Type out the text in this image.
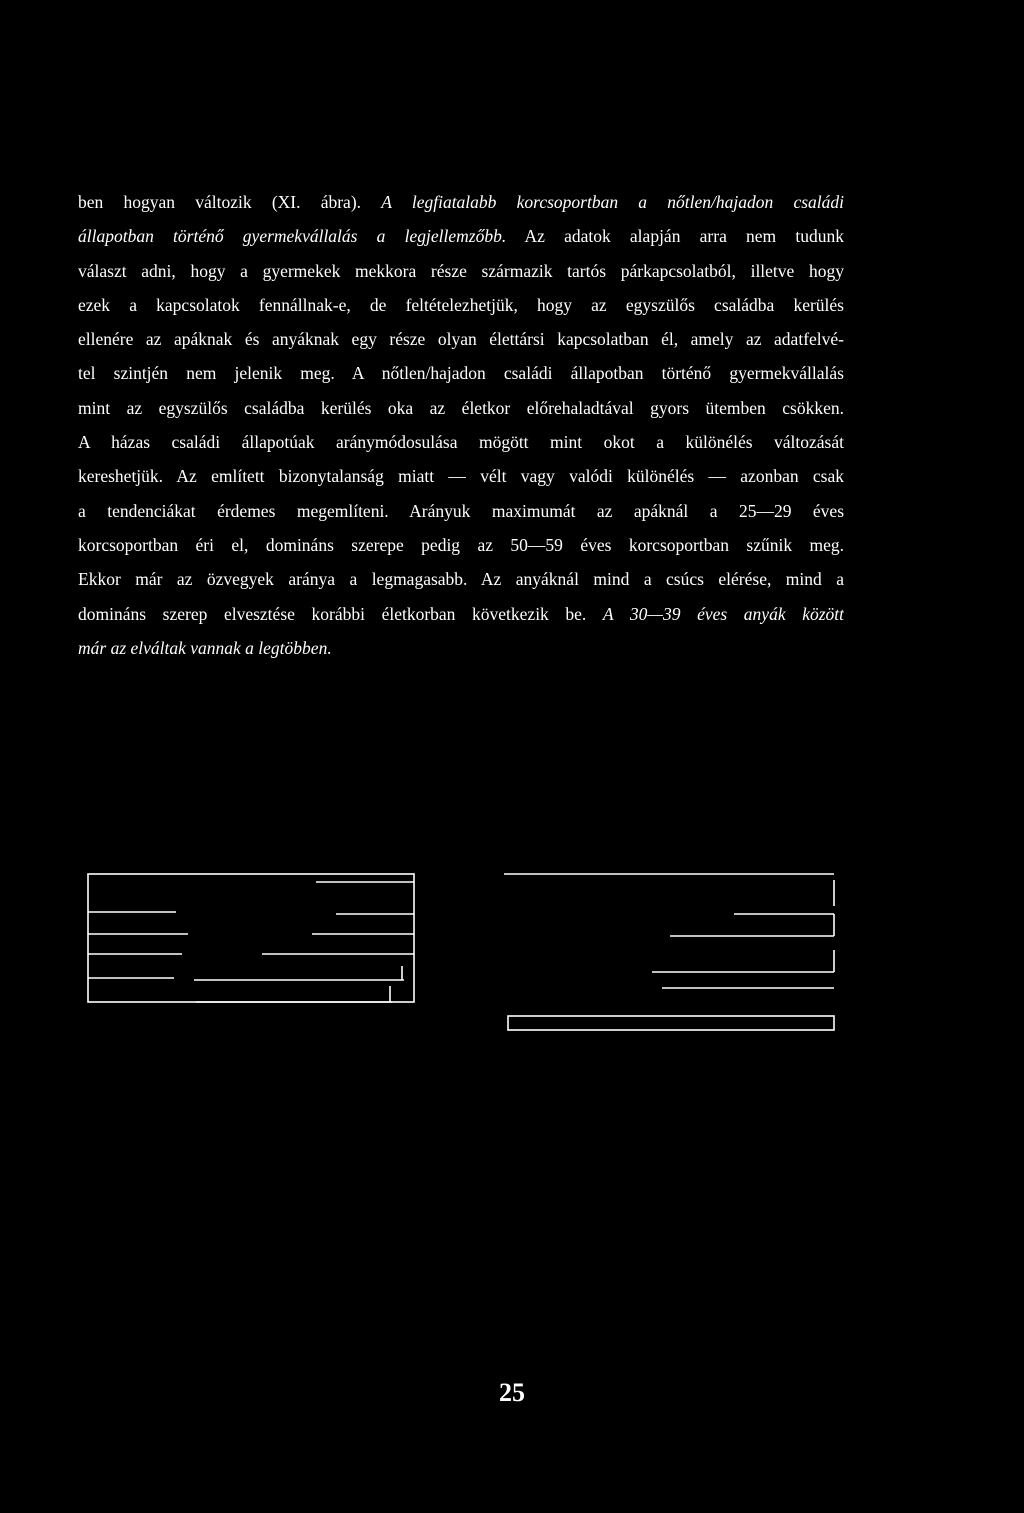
ben hogyan változik (XI. ábra). A legfiatalabb korcsoportban a nőtlen/hajadon családi
állapotban történő gyermekvállalás a legjellemzőbb. Az adatok alapján arra nem tudunk
választ adni, hogy a gyermekek mekkora része származik tartós párkapcsolatból, illetve hogy
ezek a kapcsolatok fennállnak-e, de feltételezhetjük, hogy az egyszülős családba kerülés
ellenére az apáknak és anyáknak egy része olyan élettársi kapcsolatban él, amely az adatfelvé-
tel szintjén nem jelenik meg. A nőtlen/hajadon családi állapotban történő gyermekvállalás
mint az egyszülős családba kerülés oka az életkor előrehaladtával gyors ütemben csökken.
A házas családi állapotúak aránymódosulása mögött mint okot a különélés változását
kereshetjük. Az említett bizonytalanság miatt — vélt vagy valódi különélés — azonban csak
a tendenciákat érdemes megemlíteni. Arányuk maximumát az apáknál a 25—29 éves
korcsoportban éri el, domináns szerepe pedig az 50—59 éves korcsoportban szűnik meg.
Ekkor már az özvegyek aránya a legmagasabb. Az anyáknál mind a csúcs elérése, mind a
domináns szerep elvesztése korábbi életkorban következik be. A 30—39 éves anyák között
már az elváltak vannak a legtöbben.
25
